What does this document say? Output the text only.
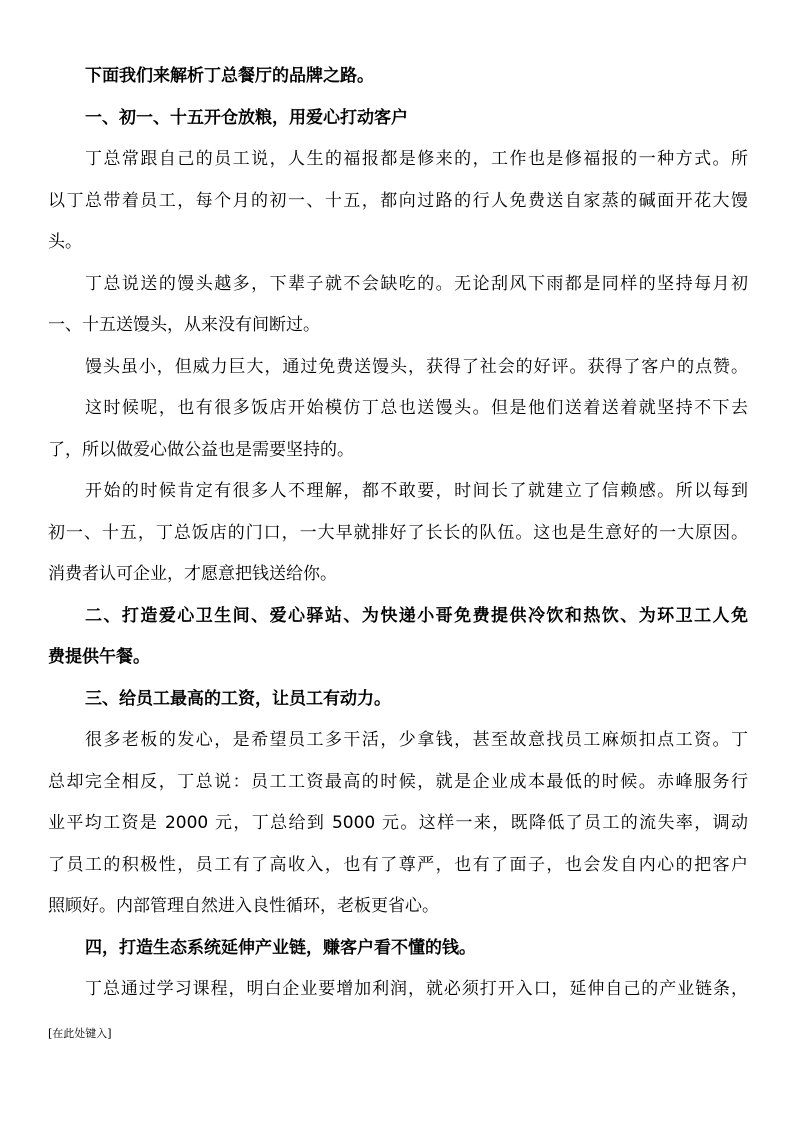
下面我们来解析丁总餐厅的品牌之路。
一、初一、十五开仓放粮，用爱心打动客户
丁总常跟自己的员工说，人生的福报都是修来的，工作也是修福报的一种方式。所
以丁总带着员工，每个月的初一、十五，都向过路的行人免费送自家蒸的碱面开花大馒
头。
丁总说送的馒头越多，下辈子就不会缺吃的。无论刮风下雨都是同样的坚持每月初
一、十五送馒头，从来没有间断过。
馒头虽小，但威力巨大，通过免费送馒头，获得了社会的好评。获得了客户的点赞。
这时候呢，也有很多饭店开始模仿丁总也送馒头。但是他们送着送着就坚持不下去
了，所以做爱心做公益也是需要坚持的。
开始的时候肯定有很多人不理解，都不敢要，时间长了就建立了信赖感。所以每到
初一、十五，丁总饭店的门口，一大早就排好了长长的队伍。这也是生意好的一大原因。
消费者认可企业，才愿意把钱送给你。
二、打造爱心卫生间、爱心驿站、为快递小哥免费提供冷饮和热饮、为环卫工人免
费提供午餐。
三、给员工最高的工资，让员工有动力。
很多老板的发心，是希望员工多干活，少拿钱，甚至故意找员工麻烦扣点工资。丁
总却完全相反，丁总说：员工工资最高的时候，就是企业成本最低的时候。赤峰服务行
业平均工资是 2000 元，丁总给到 5000 元。这样一来，既降低了员工的流失率，调动
了员工的积极性，员工有了高收入，也有了尊严，也有了面子，也会发自内心的把客户
照顾好。内部管理自然进入良性循环，老板更省心。
四，打造生态系统延伸产业链，赚客户看不懂的钱。
丁总通过学习课程，明白企业要增加利润，就必须打开入口，延伸自己的产业链条，
[在此处键入]
